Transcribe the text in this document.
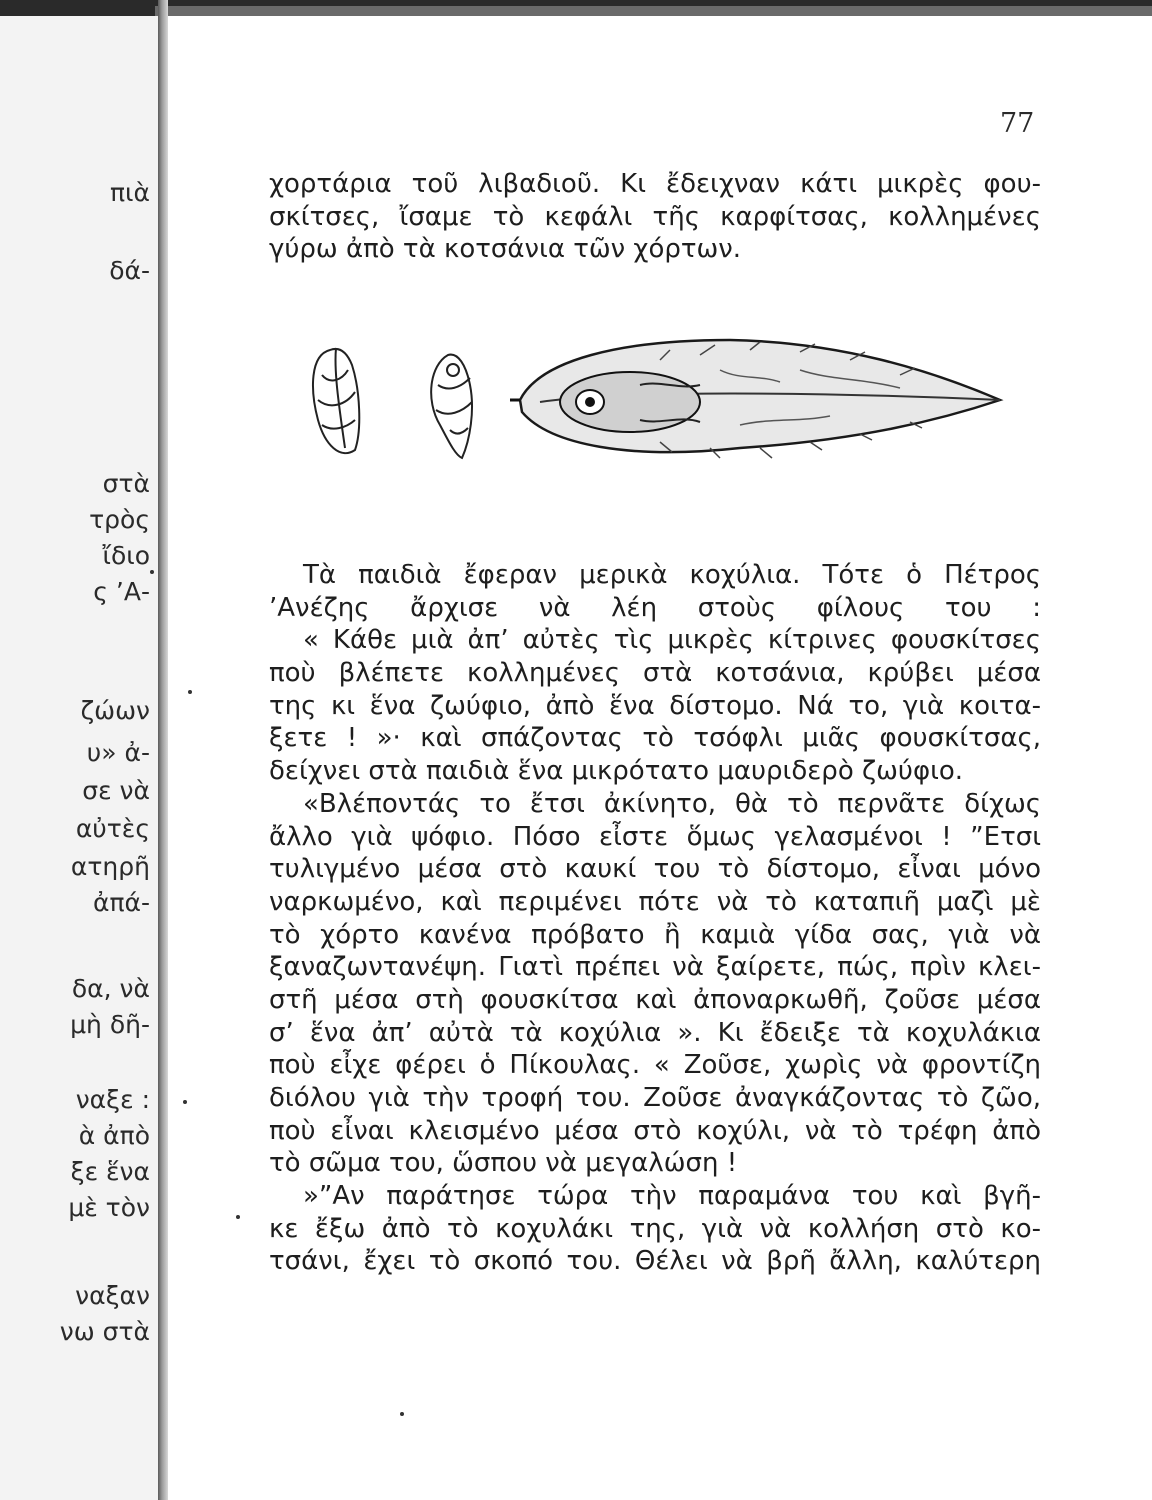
πιὰ
δά-
στὰ
τρὸς
ἴδιο
ς ’Α-
ζώων
υ» ἀ-
σε νὰ
αὐτὲς
ατηρῆ
ἀπά-
δα, νὰ
μὴ δῆ-
ναξε :
ὰ ἀπὸ
ξε ἕνα
μὲ τὸν
ναξαν
νω στὰ
77
χορτάρια τοῦ λιβαδιοῦ. Κι ἔδειχναν κάτι μικρὲς φου-
σκίτσες, ἴσαμε τὸ κεφάλι τῆς καρφίτσας, κολλημένες
γύρω ἀπὸ τὰ κοτσάνια τῶν χόρτων.
Τὰ παιδιὰ ἔφεραν μερικὰ κοχύλια. Τότε ὁ Πέτρος
’Ανέζης ἄρχισε νὰ λέη στοὺς φίλους του :
« Κάθε μιὰ ἀπ’ αὐτὲς τὶς μικρὲς κίτρινες φουσκίτσες
ποὺ βλέπετε κολλημένες στὰ κοτσάνια, κρύβει μέσα
της κι ἕνα ζωύφιο, ἀπὸ ἕνα δίστομο. Νά το, γιὰ κοιτα-
ξετε ! »· καὶ σπάζοντας τὸ τσόφλι μιᾶς φουσκίτσας,
δείχνει στὰ παιδιὰ ἕνα μικρότατο μαυριδερὸ ζωύφιο.
«Βλέποντάς το ἔτσι ἀκίνητο, θὰ τὸ περνᾶτε δίχως
ἄλλο γιὰ ψόφιο. Πόσο εἶστε ὅμως γελασμένοι ! ”Ετσι
τυλιγμένο μέσα στὸ καυκί του τὸ δίστομο, εἶναι μόνο
ναρκωμένο, καὶ περιμένει πότε νὰ τὸ καταπιῆ μαζὶ μὲ
τὸ χόρτο κανένα πρόβατο ἢ καμιὰ γίδα σας, γιὰ νὰ
ξαναζωντανέψη. Γιατὶ πρέπει νὰ ξαίρετε, πώς, πρὶν κλει-
στῆ μέσα στὴ φουσκίτσα καὶ ἀποναρκωθῆ, ζοῦσε μέσα
σ’ ἕνα ἀπ’ αὐτὰ τὰ κοχύλια ». Κι ἔδειξε τὰ κοχυλάκια
ποὺ εἶχε φέρει ὁ Πίκουλας. « Ζοῦσε, χωρὶς νὰ φροντίζη
διόλου γιὰ τὴν τροφή του. Ζοῦσε ἀναγκάζοντας τὸ ζῶο,
ποὺ εἶναι κλεισμένο μέσα στὸ κοχύλι, νὰ τὸ τρέφη ἀπὸ
τὸ σῶμα του, ὥσπου νὰ μεγαλώση !
»”Αν παράτησε τώρα τὴν παραμάνα του καὶ βγῆ-
κε ἔξω ἀπὸ τὸ κοχυλάκι της, γιὰ νὰ κολλήση στὸ κο-
τσάνι, ἔχει τὸ σκοπό του. Θέλει νὰ βρῆ ἄλλη, καλύτερη
